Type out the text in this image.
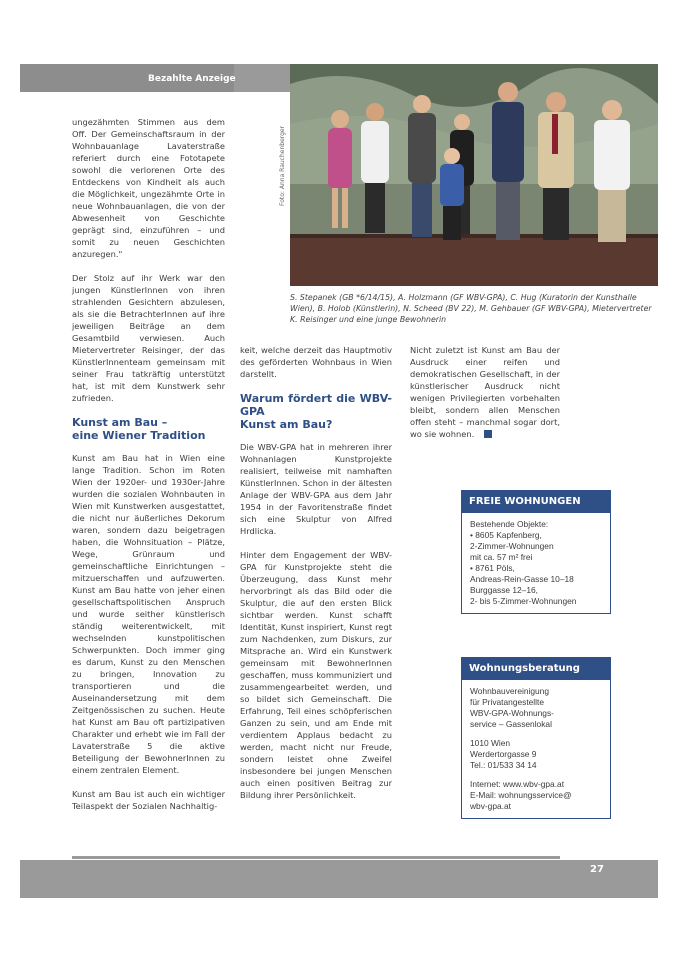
Bezahlte Anzeige
Foto: Anna Rauchenberger
S. Stepanek (GB *6/14/15), A. Holzmann (GF WBV-GPA), C. Hug (Kuratorin der Kunsthalle Wien), B. Holob (Künstlerin), N. Scheed (BV 22), M. Gehbauer (GF WBV-GPA), Mietervertreter K. Reisinger und eine junge Bewohnerin

ungezähmten Stimmen aus dem Off. Der Gemeinschaftsraum in der Wohnbauanlage Lavaterstraße referiert durch eine Fototapete sowohl die verlorenen Orte des Entdeckens von Kindheit als auch die Möglichkeit, ungezähmte Orte in neue Wohnbauanlagen, die von der Abwesenheit von Geschichte geprägt sind, einzuführen – und somit zu neuen Geschichten anzuregen."

Der Stolz auf ihr Werk war den jungen KünstlerInnen von ihren strahlenden Gesichtern abzulesen, als sie die BetrachterInnen auf ihre jeweiligen Beiträge an dem Gesamtbild verwiesen. Auch Mietervertreter Reisinger, der das KünstlerInnenteam gemeinsam mit seiner Frau tatkräftig unterstützt hat, ist mit dem Kunstwerk sehr zufrieden.

Kunst am Bau –
eine Wiener Tradition

Kunst am Bau hat in Wien eine lange Tradition. Schon im Roten Wien der 1920er- und 1930er-Jahre wurden die sozialen Wohnbauten in Wien mit Kunstwerken ausgestattet, die nicht nur äußerliches Dekorum waren, sondern dazu beigetragen haben, die Wohnsituation – Plätze, Wege, Grünraum und gemeinschaftliche Einrichtungen – mitzuerschaffen und aufzuwerten. Kunst am Bau hatte von jeher einen gesellschaftspolitischen Anspruch und wurde seither künstlerisch ständig weiterentwickelt, mit wechselnden kunstpolitischen Schwerpunkten. Doch immer ging es darum, Kunst zu den Menschen zu bringen, Innovation zu transportieren und die Auseinandersetzung mit dem Zeitgenössischen zu suchen. Heute hat Kunst am Bau oft partizipativen Charakter und erhebt wie im Fall der Lavaterstraße 5 die aktive Beteiligung der BewohnerInnen zu einem zentralen Element.

Kunst am Bau ist auch ein wichtiger Teilaspekt der Sozialen Nachhaltig-

keit, welche derzeit das Hauptmotiv des geförderten Wohnbaus in Wien darstellt.

Warum fördert die WBV-GPA
Kunst am Bau?

Die WBV-GPA hat in mehreren ihrer Wohnanlagen Kunstprojekte realisiert, teilweise mit namhaften KünstlerInnen. Schon in der ältesten Anlage der WBV-GPA aus dem Jahr 1954 in der Favoritenstraße findet sich eine Skulptur von Alfred Hrdlicka.

Hinter dem Engagement der WBV-GPA für Kunstprojekte steht die Überzeugung, dass Kunst mehr hervorbringt als das Bild oder die Skulptur, die auf den ersten Blick sichtbar werden. Kunst schafft Identität, Kunst inspiriert, Kunst regt zum Nachdenken, zum Diskurs, zur Mitsprache an. Wird ein Kunstwerk gemeinsam mit BewohnerInnen geschaffen, muss kommuniziert und zusammengearbeitet werden, und so bildet sich Gemeinschaft. Die Erfahrung, Teil eines schöpferischen Ganzen zu sein, und am Ende mit verdientem Applaus bedacht zu werden, macht nicht nur Freude, sondern leistet ohne Zweifel insbesondere bei jungen Menschen auch einen positiven Beitrag zur Bildung ihrer Persönlichkeit.

Nicht zuletzt ist Kunst am Bau der Ausdruck einer reifen und demokratischen Gesellschaft, in der künstlerischer Ausdruck nicht wenigen Privilegierten vorbehalten bleibt, sondern allen Menschen offen steht – manchmal sogar dort, wo sie wohnen.

FREIE WOHNUNGEN
Bestehende Objekte:
• 8605 Kapfenberg,
2-Zimmer-Wohnungen
mit ca. 57 m² frei
• 8761 Pöls,
Andreas-Rein-Gasse 10–18
Burggasse 12–16,
2- bis 5-Zimmer-Wohnungen
Wohnungsberatung
Wohnbauvereinigung
für Privatangestellte
WBV-GPA-Wohnungs-
service – Gassenlokal
1010 Wien
Werdertorgasse 9
Tel.: 01/533 34 14
Internet: www.wbv-gpa.at
E-Mail: wohnungsservice@
wbv-gpa.at
27
